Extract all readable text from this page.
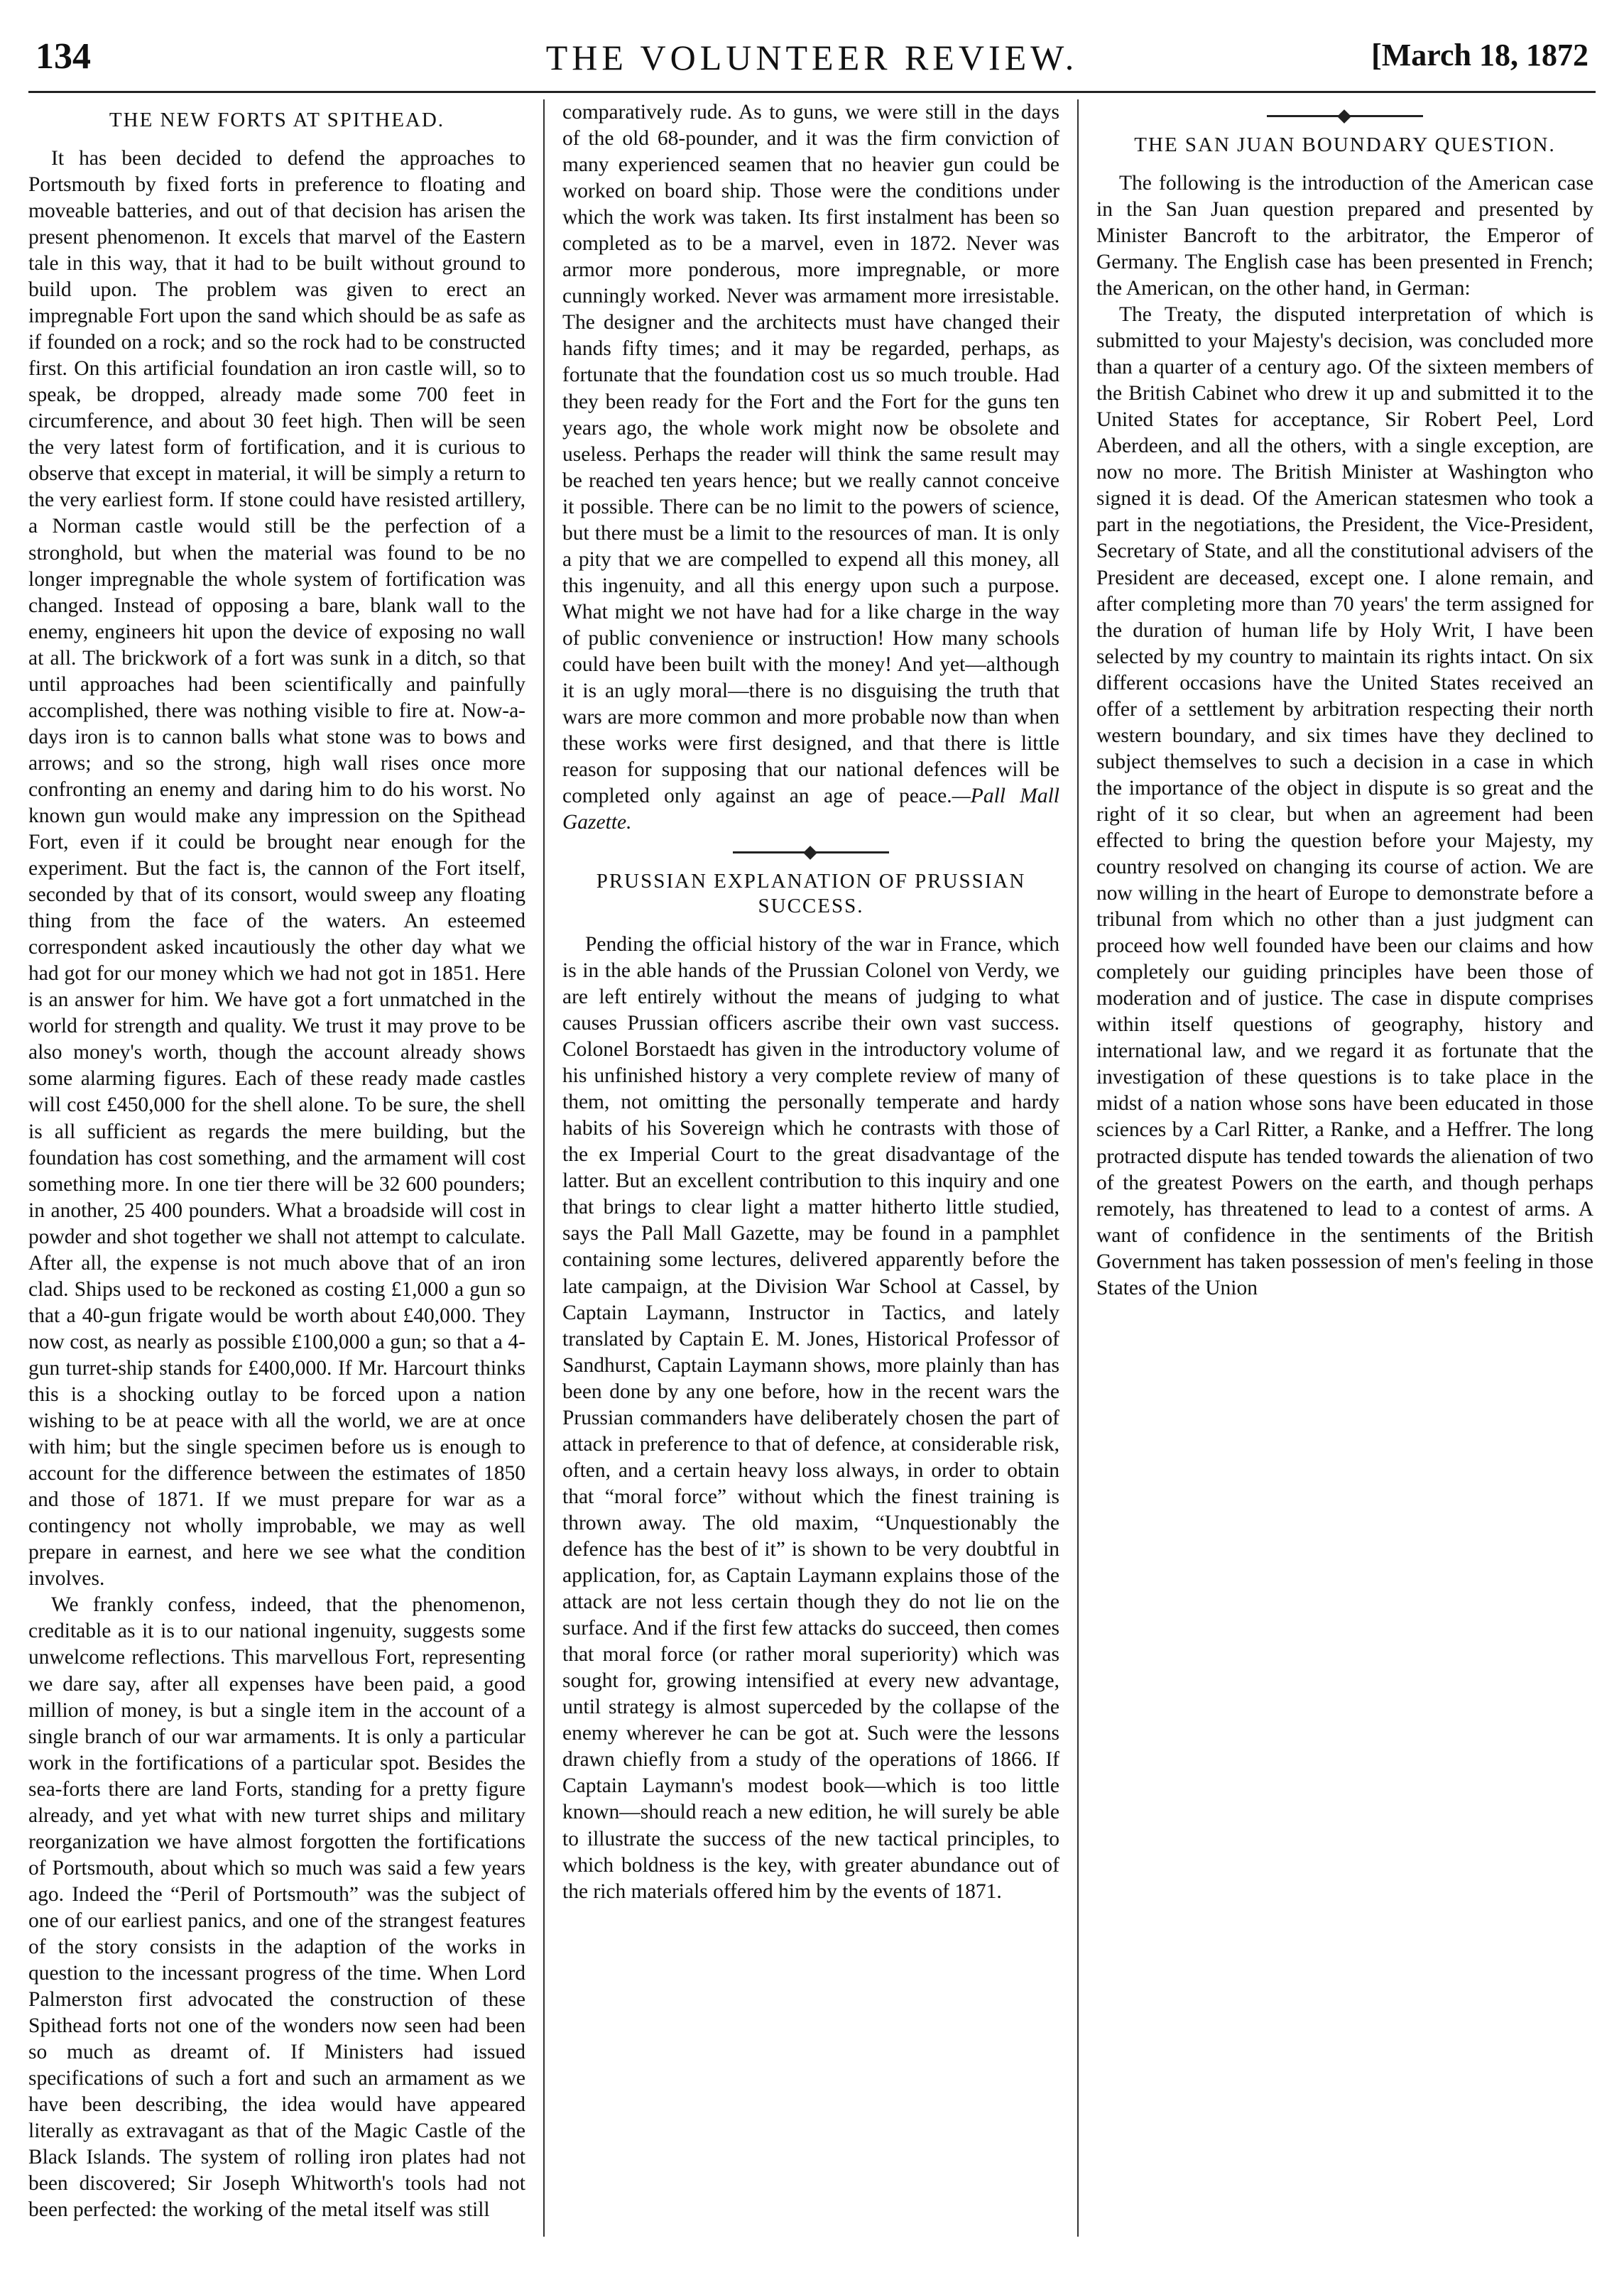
134	THE VOLUNTEER REVIEW.	[March 18, 1872
THE NEW FORTS AT SPITHEAD.

It has been decided to defend the approaches to Portsmouth by fixed forts in preference to floating and moveable batteries, and out of that decision has arisen the present phenomenon. It excels that marvel of the Eastern tale in this way, that it had to be built without ground to build upon. The problem was given to erect an impregnable Fort upon the sand which should be as safe as if founded on a rock; and so the rock had to be constructed first. On this artificial foundation an iron castle will, so to speak, be dropped, already made some 700 feet in circumference, and about 30 feet high. Then will be seen the very latest form of fortification, and it is curious to observe that except in material, it will be simply a return to the very earliest form. If stone could have resisted artillery, a Norman castle would still be the perfection of a stronghold, but when the material was found to be no longer impregnable the whole system of fortification was changed. Instead of opposing a bare, blank wall to the enemy, engineers hit upon the device of exposing no wall at all. The brickwork of a fort was sunk in a ditch, so that until approaches had been scientifically and painfully accomplished, there was nothing visible to fire at. Now-a-days iron is to cannon balls what stone was to bows and arrows; and so the strong, high wall rises once more confronting an enemy and daring him to do his worst. No known gun would make any impression on the Spithead Fort, even if it could be brought near enough for the experiment. But the fact is, the cannon of the Fort itself, seconded by that of its consort, would sweep any floating thing from the face of the waters. An esteemed correspondent asked incautiously the other day what we had got for our money which we had not got in 1851. Here is an answer for him. We have got a fort unmatched in the world for strength and quality. We trust it may prove to be also money's worth, though the account already shows some alarming figures. Each of these ready made castles will cost £450,000 for the shell alone. To be sure, the shell is all sufficient as regards the mere building, but the foundation has cost something, and the armament will cost something more. In one tier there will be 32 600 pounders; in another, 25 400 pounders. What a broadside will cost in powder and shot together we shall not attempt to calculate. After all, the expense is not much above that of an iron clad. Ships used to be reckoned as costing £1,000 a gun so that a 40-gun frigate would be worth about £40,000. They now cost, as nearly as possible £100,000 a gun; so that a 4-gun turret-ship stands for £400,000. If Mr. Harcourt thinks this is a shocking outlay to be forced upon a nation wishing to be at peace with all the world, we are at once with him; but the single specimen before us is enough to account for the difference between the estimates of 1850 and those of 1871. If we must prepare for war as a contingency not wholly improbable, we may as well prepare in earnest, and here we see what the condition involves.

We frankly confess, indeed, that the phenomenon, creditable as it is to our national ingenuity, suggests some unwelcome reflections. This marvellous Fort, representing we dare say, after all expenses have been paid, a good million of money, is but a single item in the account of a single branch of our war armaments. It is only a particular work in the fortifications of a particular spot. Besides the sea-forts there are land Forts, standing for a pretty figure already, and yet what with new turret ships and military reorganization we have almost forgotten the fortifications of Portsmouth, about which so much was said a few years ago. Indeed the “Peril of Portsmouth” was the subject of one of our earliest panics, and one of the strangest features of the story consists in the adaption of the works in question to the incessant progress of the time. When Lord Palmerston first advocated the construction of these Spithead forts not one of the wonders now seen had been so much as dreamt of. If Ministers had issued specifications of such a fort and such an armament as we have been describing, the idea would have appeared literally as extravagant as that of the Magic Castle of the Black Islands. The system of rolling iron plates had not been discovered; Sir Joseph Whitworth's tools had not been perfected: the working of the metal itself was still

comparatively rude. As to guns, we were still in the days of the old 68-pounder, and it was the firm conviction of many experienced seamen that no heavier gun could be worked on board ship. Those were the conditions under which the work was taken. Its first instalment has been so completed as to be a marvel, even in 1872. Never was armor more ponderous, more impregnable, or more cunningly worked. Never was armament more irresistable. The designer and the architects must have changed their hands fifty times; and it may be regarded, perhaps, as fortunate that the foundation cost us so much trouble. Had they been ready for the Fort and the Fort for the guns ten years ago, the whole work might now be obsolete and useless. Perhaps the reader will think the same result may be reached ten years hence; but we really cannot conceive it possible. There can be no limit to the powers of science, but there must be a limit to the resources of man. It is only a pity that we are compelled to expend all this money, all this ingenuity, and all this energy upon such a purpose. What might we not have had for a like charge in the way of public convenience or instruction! How many schools could have been built with the money! And yet—although it is an ugly moral—there is no disguising the truth that wars are more common and more probable now than when these works were first designed, and that there is little reason for supposing that our national defences will be completed only against an age of peace.—Pall Mall Gazette.

PRUSSIAN EXPLANATION OF PRUSSIAN SUCCESS.

Pending the official history of the war in France, which is in the able hands of the Prussian Colonel von Verdy, we are left entirely without the means of judging to what causes Prussian officers ascribe their own vast success. Colonel Borstaedt has given in the introductory volume of his unfinished history a very complete review of many of them, not omitting the personally temperate and hardy habits of his Sovereign which he contrasts with those of the ex Imperial Court to the great disadvantage of the latter. But an excellent contribution to this inquiry and one that brings to clear light a matter hitherto little studied, says the Pall Mall Gazette, may be found in a pamphlet containing some lectures, delivered apparently before the late campaign, at the Division War School at Cassel, by Captain Laymann, Instructor in Tactics, and lately translated by Captain E. M. Jones, Historical Professor of Sandhurst, Captain Laymann shows, more plainly than has been done by any one before, how in the recent wars the Prussian commanders have deliberately chosen the part of attack in preference to that of defence, at considerable risk, often, and a certain heavy loss always, in order to obtain that “moral force” without which the finest training is thrown away. The old maxim, “Unquestionably the defence has the best of it” is shown to be very doubtful in application, for, as Captain Laymann explains those of the attack are not less certain though they do not lie on the surface. And if the first few attacks do succeed, then comes that moral force (or rather moral superiority) which was sought for, growing intensified at every new advantage, until strategy is almost superceded by the collapse of the enemy wherever he can be got at. Such were the lessons drawn chiefly from a study of the operations of 1866. If Captain Laymann's modest book—which is too little known—should reach a new edition, he will surely be able to illustrate the success of the new tactical principles, to which boldness is the key, with greater abundance out of the rich materials offered him by the events of 1871.

THE SAN JUAN BOUNDARY QUESTION.

The following is the introduction of the American case in the San Juan question prepared and presented by Minister Bancroft to the arbitrator, the Emperor of Germany. The English case has been presented in French; the American, on the other hand, in German:

The Treaty, the disputed interpretation of which is submitted to your Majesty's decision, was concluded more than a quarter of a century ago. Of the sixteen members of the British Cabinet who drew it up and submitted it to the United States for acceptance, Sir Robert Peel, Lord Aberdeen, and all the others, with a single exception, are now no more. The British Minister at Washington who signed it is dead. Of the American statesmen who took a part in the negotiations, the President, the Vice-President, Secretary of State, and all the constitutional advisers of the President are deceased, except one. I alone remain, and after completing more than 70 years' the term assigned for the duration of human life by Holy Writ, I have been selected by my country to maintain its rights intact. On six different occasions have the United States received an offer of a settlement by arbitration respecting their north western boundary, and six times have they declined to subject themselves to such a decision in a case in which the importance of the object in dispute is so great and the right of it so clear, but when an agreement had been effected to bring the question before your Majesty, my country resolved on changing its course of action. We are now willing in the heart of Europe to demonstrate before a tribunal from which no other than a just judgment can proceed how well founded have been our claims and how completely our guiding principles have been those of moderation and of justice. The case in dispute comprises within itself questions of geography, history and international law, and we regard it as fortunate that the investigation of these questions is to take place in the midst of a nation whose sons have been educated in those sciences by a Carl Ritter, a Ranke, and a Heffrer. The long protracted dispute has tended towards the alienation of two of the greatest Powers on the earth, and though perhaps remotely, has threatened to lead to a contest of arms. A want of confidence in the sentiments of the British Government has taken possession of men's feeling in those States of the Union
